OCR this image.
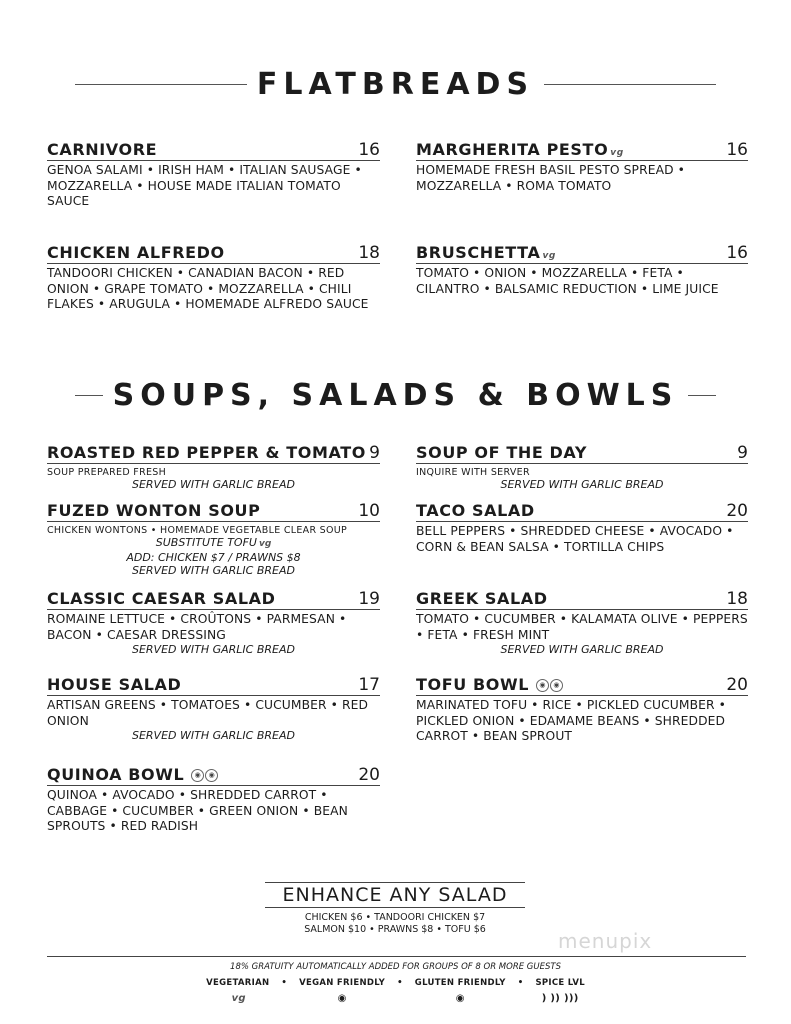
FLATBREADS
CARNIVORE	16
GENOA SALAMI • IRISH HAM • ITALIAN SAUSAGE • MOZZARELLA • HOUSE MADE ITALIAN TOMATO SAUCE
MARGHERITA PESTO vg	16
HOMEMADE FRESH BASIL PESTO SPREAD • MOZZARELLA • ROMA TOMATO
CHICKEN ALFREDO	18
TANDOORI CHICKEN • CANADIAN BACON • RED ONION • GRAPE TOMATO • MOZZARELLA • CHILI FLAKES • ARUGULA • HOMEMADE ALFREDO SAUCE
BRUSCHETTA vg	16
TOMATO • ONION • MOZZARELLA • FETA • CILANTRO • BALSAMIC REDUCTION • LIME JUICE
SOUPS, SALADS & BOWLS
ROASTED RED PEPPER & TOMATO 9
SOUP PREPARED FRESH
SERVED WITH GARLIC BREAD
SOUP OF THE DAY	9
INQUIRE WITH SERVER
SERVED WITH GARLIC BREAD
FUZED WONTON SOUP	10
CHICKEN WONTONS • HOMEMADE VEGETABLE CLEAR SOUP
SUBSTITUTE TOFU vg
ADD: CHICKEN $7 / PRAWNS $8
SERVED WITH GARLIC BREAD
TACO SALAD	20
BELL PEPPERS • SHREDDED CHEESE • AVOCADO • CORN & BEAN SALSA • TORTILLA CHIPS
CLASSIC CAESAR SALAD	19
ROMAINE LETTUCE • CROÛTONS • PARMESAN • BACON • CAESAR DRESSING
SERVED WITH GARLIC BREAD
GREEK SALAD	18
TOMATO • CUCUMBER • KALAMATA OLIVE • PEPPERS • FETA • FRESH MINT
SERVED WITH GARLIC BREAD
HOUSE SALAD	17
ARTISAN GREENS • TOMATOES • CUCUMBER • RED ONION
SERVED WITH GARLIC BREAD
TOFU BOWL ◉ ◉	20
MARINATED TOFU • RICE • PICKLED CUCUMBER • PICKLED ONION • EDAMAME BEANS • SHREDDED CARROT • BEAN SPROUT
QUINOA BOWL ◉ ◉	20
QUINOA • AVOCADO • SHREDDED CARROT • CABBAGE • CUCUMBER • GREEN ONION • BEAN SPROUTS • RED RADISH
ENHANCE ANY SALAD
CHICKEN $6 • TANDOORI CHICKEN $7
SALMON $10 • PRAWNS $8 • TOFU $6	menupix
18% GRATUITY AUTOMATICALLY ADDED FOR GROUPS OF 8 OR MORE GUESTS
VEGETARIAN
vg
• VEGAN FRIENDLY
◉
• GLUTEN FRIENDLY
◉
• SPICE LVL
) )) )))
